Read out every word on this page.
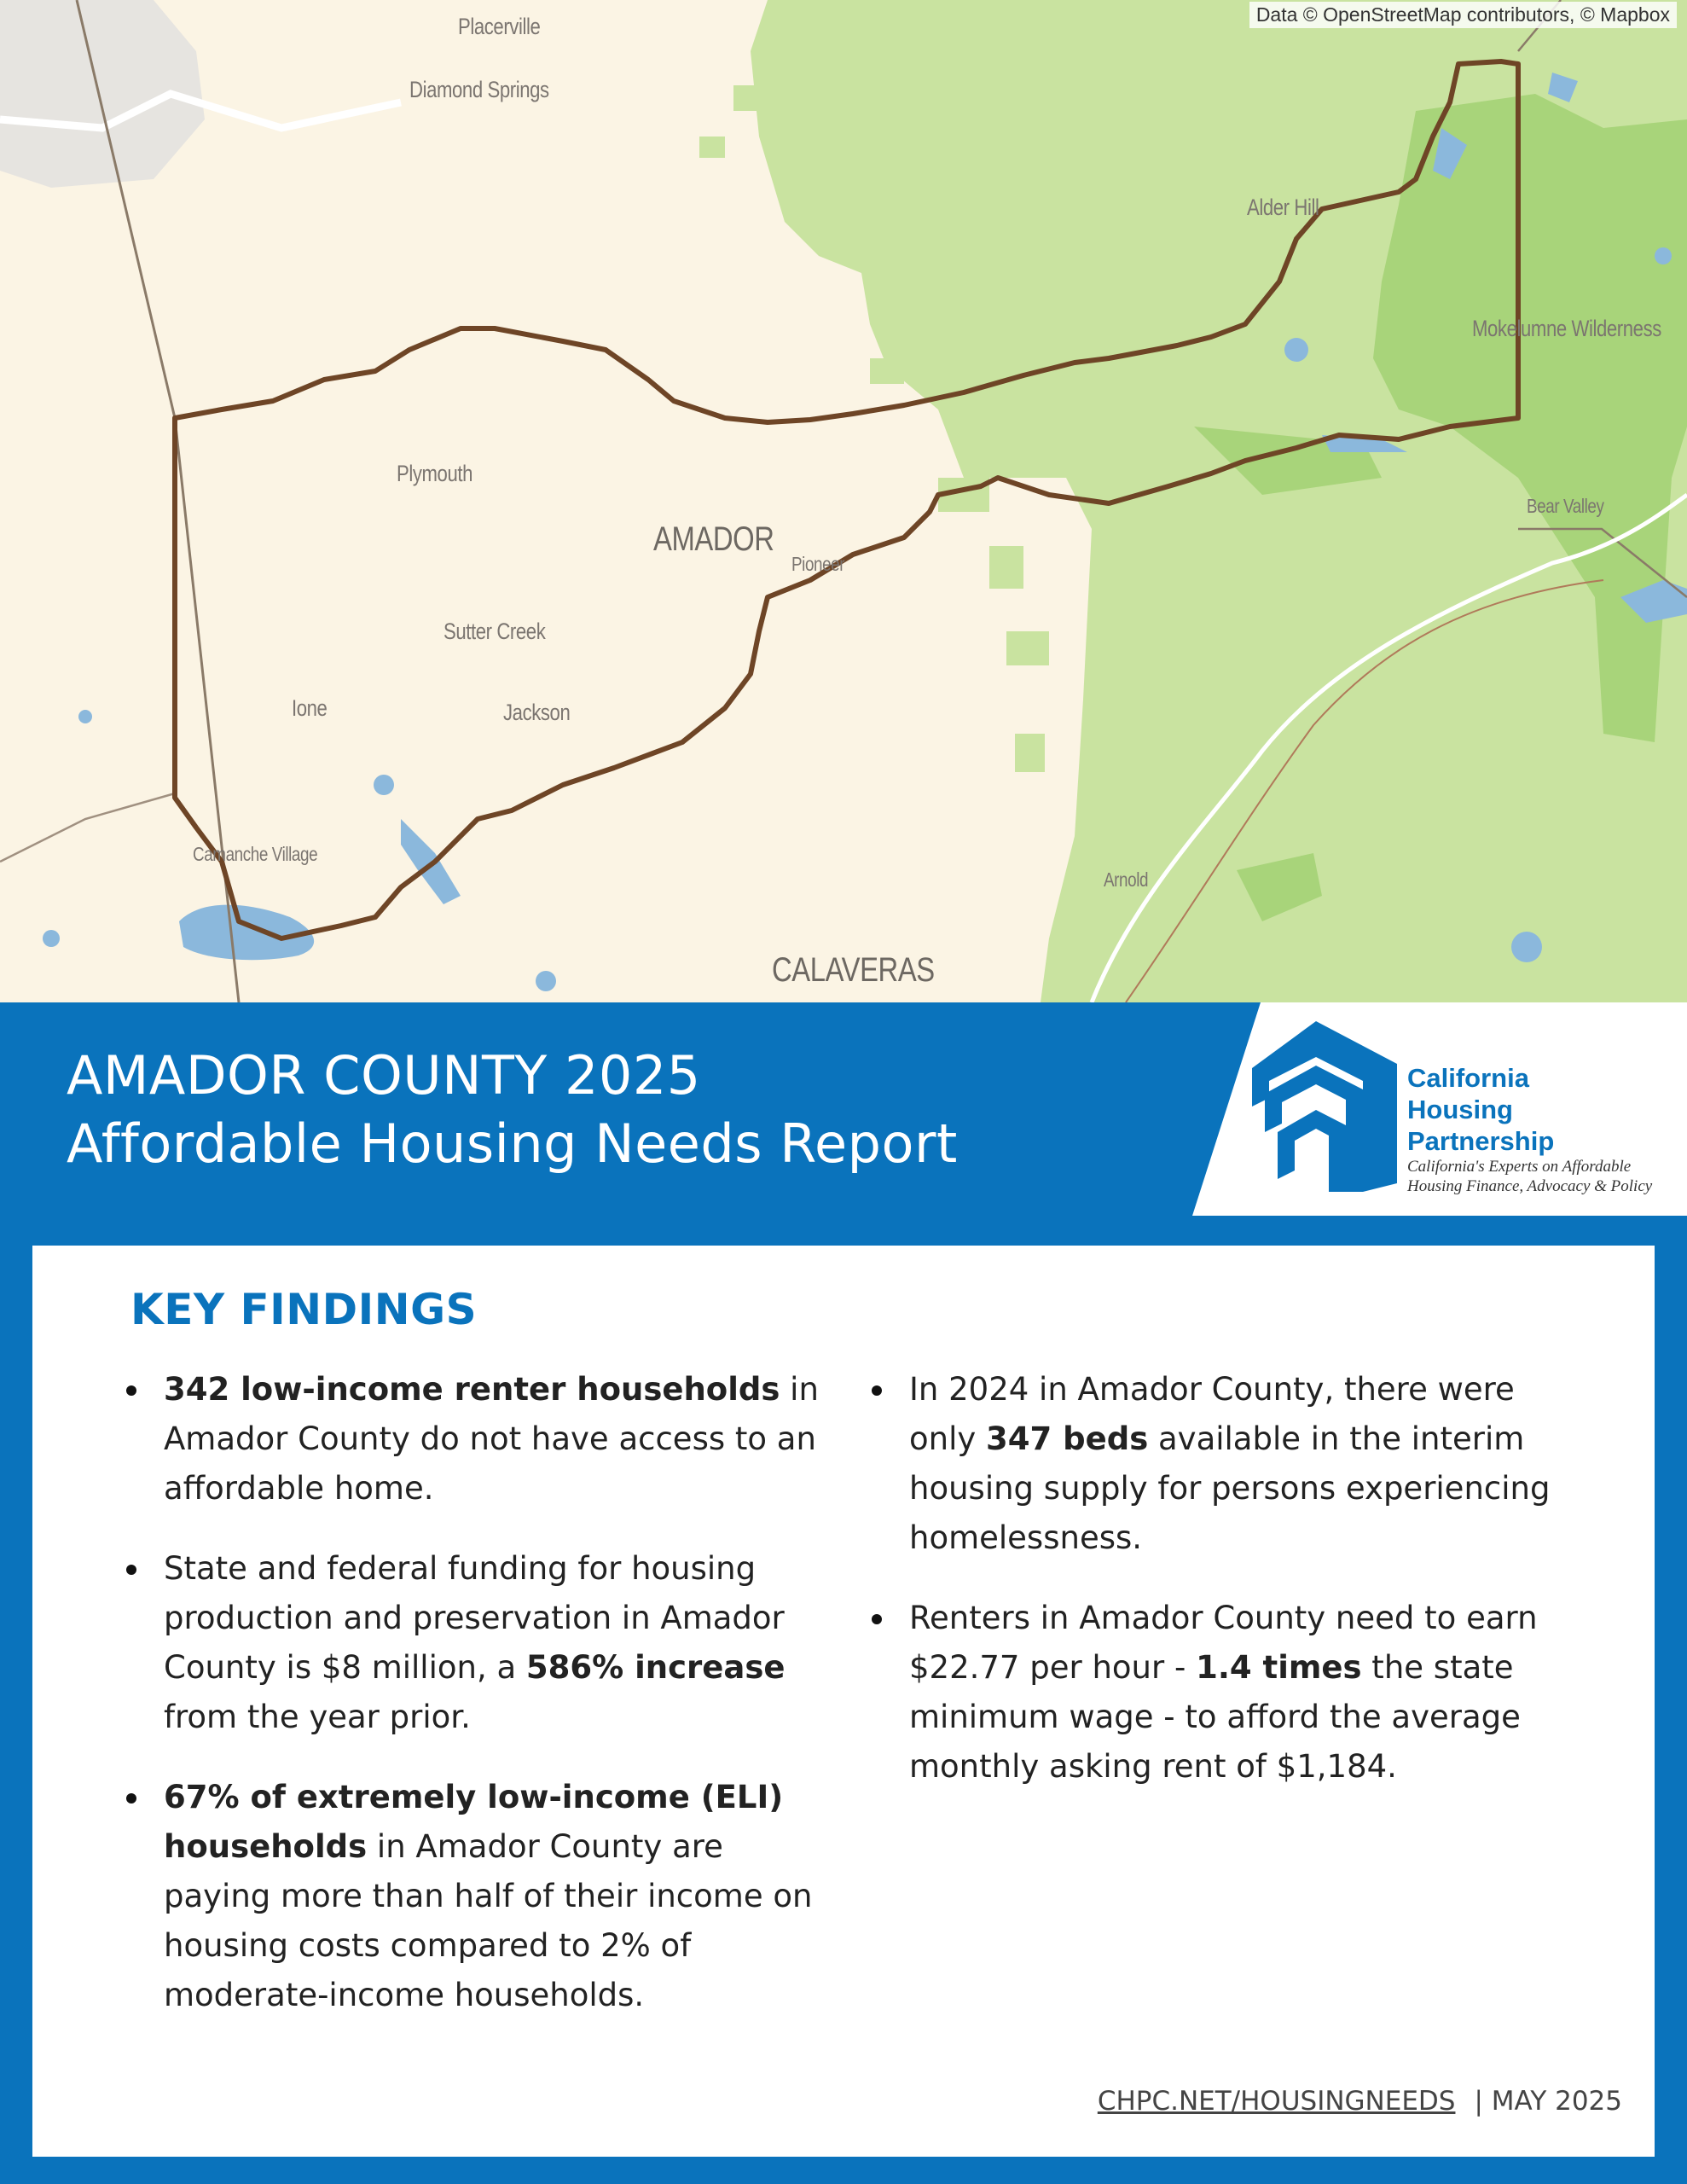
Data © OpenStreetMap contributors, © Mapbox
Placerville
Diamond Springs
Plymouth
AMADOR
Pioneer
Sutter Creek
Ione	Jackson
Camanche Village
CALAVERAS
Alder Hill
Mokelumne Wilderness
Bear Valley
Arnold
AMADOR COUNTY 2025
Affordable Housing Needs Report
California
Housing
Partnership
California's Experts on Affordable
Housing Finance, Advocacy & Policy
KEY FINDINGS
342 low-income renter households in Amador County do not have access to an affordable home.
State and federal funding for housing production and preservation in Amador County is $8 million, a 586% increase from the year prior.
67% of extremely low-income (ELI) households in Amador County are paying more than half of their income on housing costs compared to 2% of moderate-income households.
In 2024 in Amador County, there were only 347 beds available in the interim housing supply for persons experiencing homelessness.
Renters in Amador County need to earn $22.77 per hour - 1.4 times the state minimum wage - to afford the average monthly asking rent of $1,184.
CHPC.NET/HOUSINGNEEDS | MAY 2025
